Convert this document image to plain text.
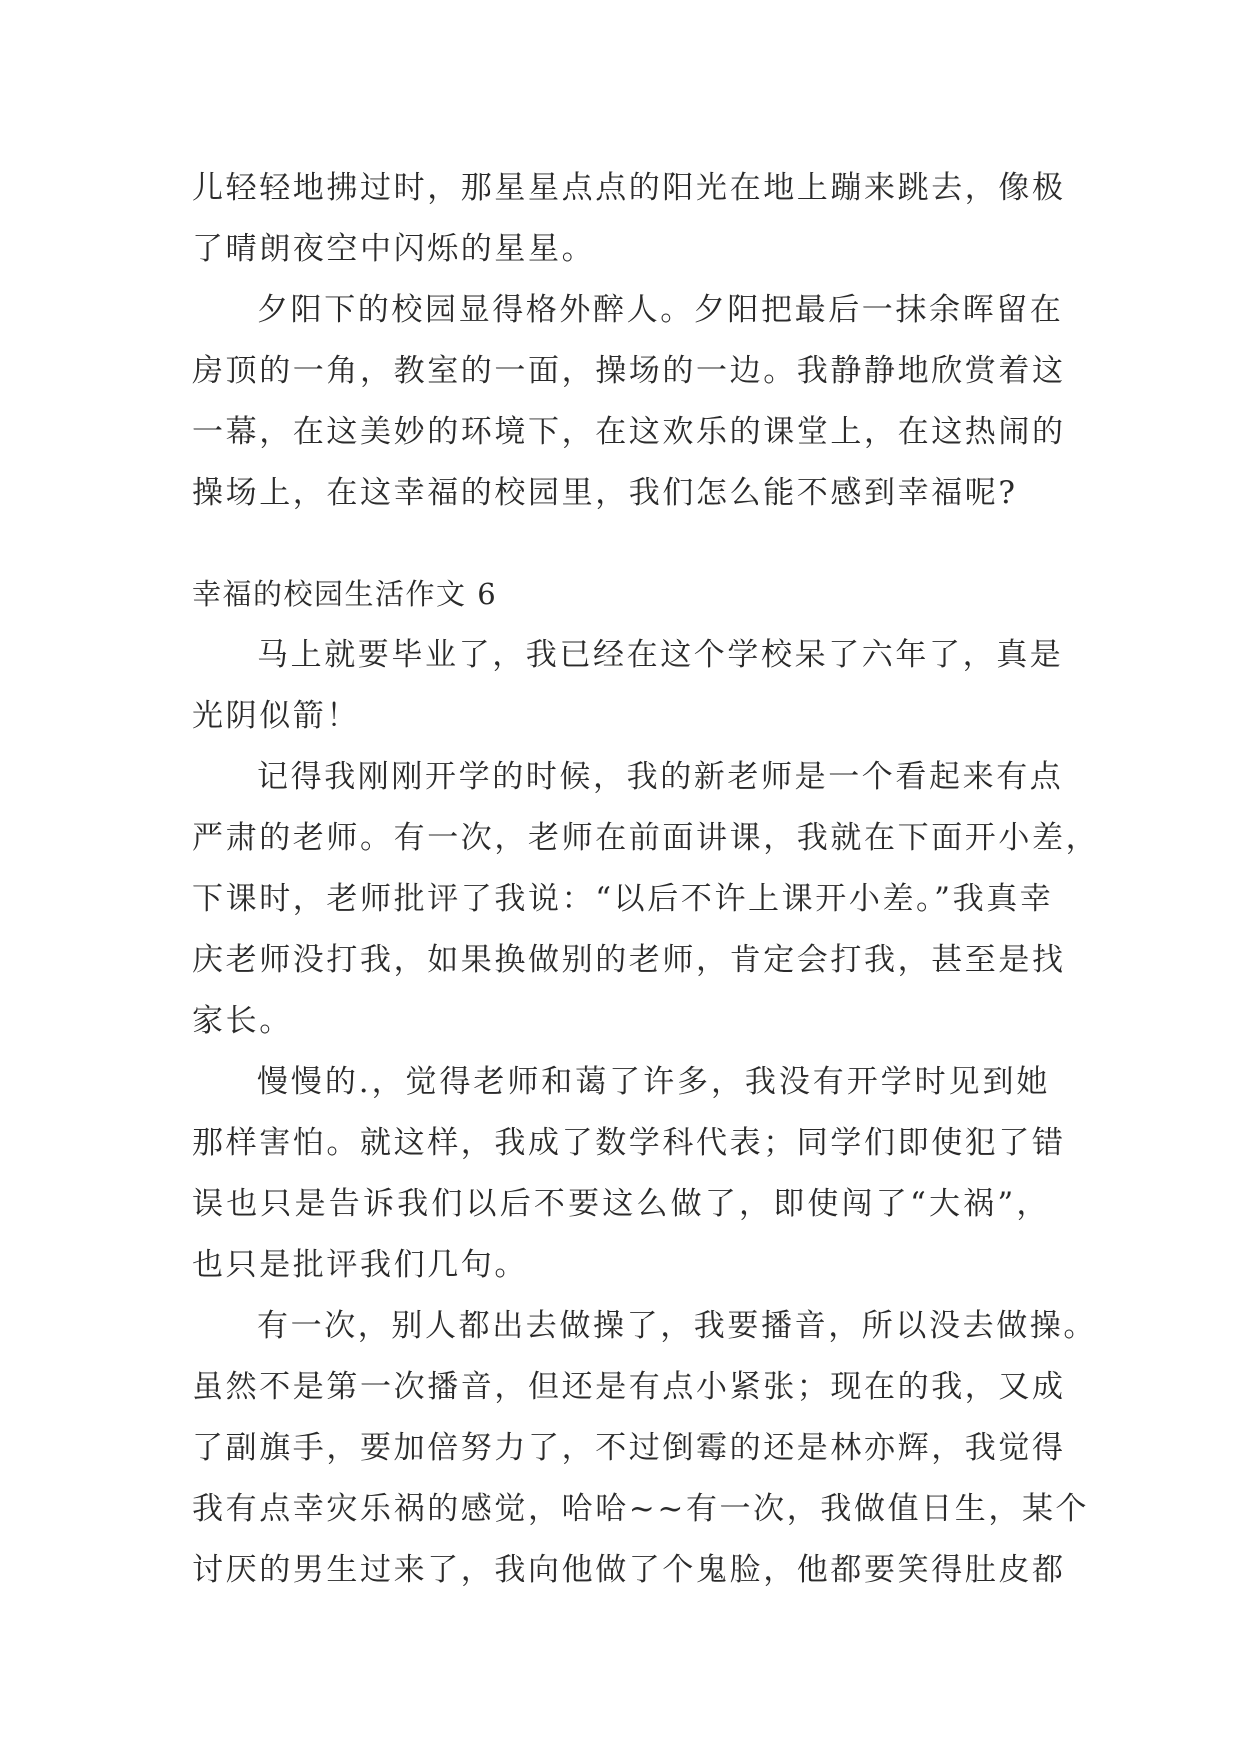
儿轻轻地拂过时，那星星点点的阳光在地上蹦来跳去，像极
了晴朗夜空中闪烁的星星。
夕阳下的校园显得格外醉人。夕阳把最后一抹余晖留在
房顶的一角，教室的一面，操场的一边。我静静地欣赏着这
一幕，在这美妙的环境下，在这欢乐的课堂上，在这热闹的
操场上，在这幸福的校园里，我们怎么能不感到幸福呢?
幸福的校园生活作文 6
马上就要毕业了，我已经在这个学校呆了六年了，真是
光阴似箭！
记得我刚刚开学的时候，我的新老师是一个看起来有点
严肃的老师。有一次，老师在前面讲课，我就在下面开小差，
下课时，老师批评了我说：“以后不许上课开小差。”我真幸
庆老师没打我，如果换做别的老师，肯定会打我，甚至是找
家长。
慢慢的.，觉得老师和蔼了许多，我没有开学时见到她
那样害怕。就这样，我成了数学科代表；同学们即使犯了错
误也只是告诉我们以后不要这么做了，即使闯了“大祸”，
也只是批评我们几句。
有一次，别人都出去做操了，我要播音，所以没去做操。
虽然不是第一次播音，但还是有点小紧张；现在的我，又成
了副旗手，要加倍努力了，不过倒霉的还是林亦辉，我觉得
我有点幸灾乐祸的感觉，哈哈~~有一次，我做值日生，某个
讨厌的男生过来了，我向他做了个鬼脸，他都要笑得肚皮都
